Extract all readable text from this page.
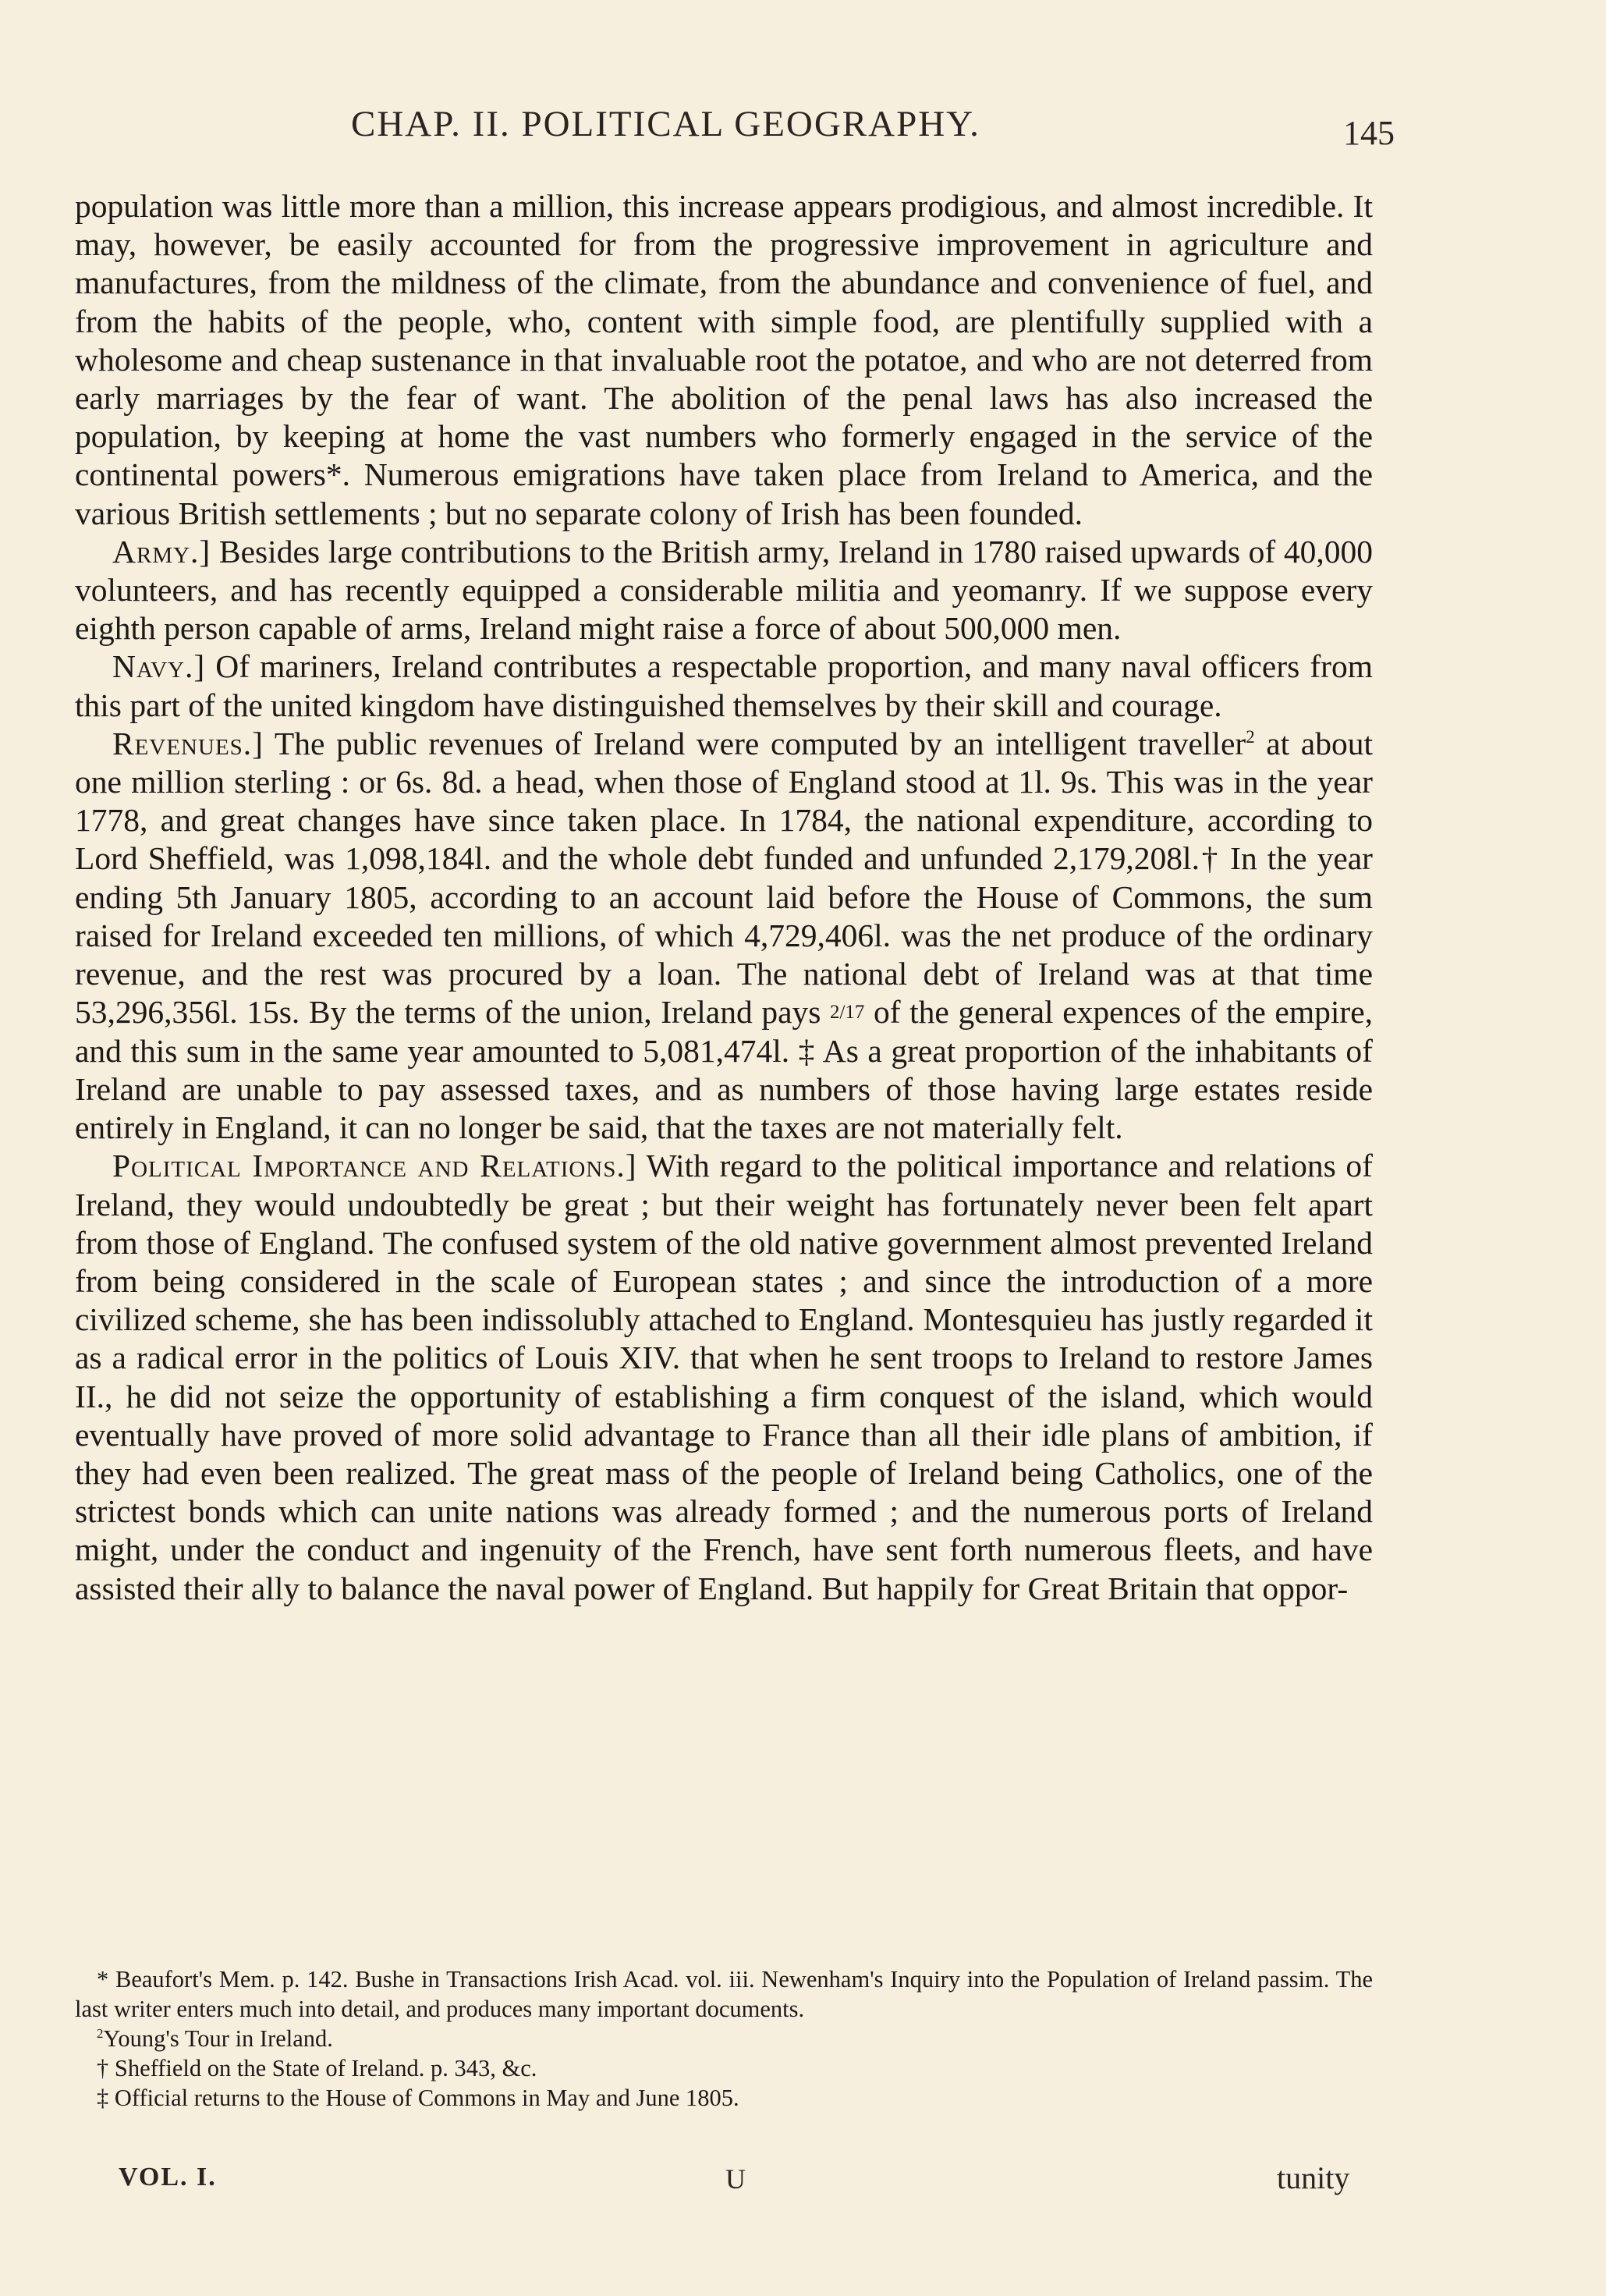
CHAP. II. POLITICAL GEOGRAPHY.	145

population was little more than a million, this increase appears prodigious, and almost incredible. It may, however, be easily accounted for from the progressive improvement in agriculture and manufactures, from the mildness of the climate, from the abundance and convenience of fuel, and from the habits of the people, who, content with simple food, are plentifully supplied with a wholesome and cheap sustenance in that invaluable root the potatoe, and who are not deterred from early marriages by the fear of want. The abolition of the penal laws has also increased the population, by keeping at home the vast numbers who formerly engaged in the service of the continental powers*. Numerous emigrations have taken place from Ireland to America, and the various British settlements ; but no separate colony of Irish has been founded.

Army.] Besides large contributions to the British army, Ireland in 1780 raised upwards of 40,000 volunteers, and has recently equipped a considerable militia and yeomanry. If we suppose every eighth person capable of arms, Ireland might raise a force of about 500,000 men.

Navy.] Of mariners, Ireland contributes a respectable proportion, and many naval officers from this part of the united kingdom have distinguished themselves by their skill and courage.

Revenues.] The public revenues of Ireland were computed by an intelligent traveller$^2$ at about one million sterling : or 6s. 8d. a head, when those of England stood at 1l. 9s. This was in the year 1778, and great changes have since taken place. In 1784, the national expenditure, according to Lord Sheffield, was 1,098,184l. and the whole debt funded and unfunded 2,179,208l.† In the year ending 5th January 1805, according to an account laid before the House of Commons, the sum raised for Ireland exceeded ten millions, of which 4,729,406l. was the net produce of the ordinary revenue, and the rest was procured by a loan. The national debt of Ireland was at that time 53,296,356l. 15s. By the terms of the union, Ireland pays 2/17 of the general expences of the empire, and this sum in the same year amounted to 5,081,474l. ‡ As a great proportion of the inhabitants of Ireland are unable to pay assessed taxes, and as numbers of those having large estates reside entirely in England, it can no longer be said, that the taxes are not materially felt.

Political Importance and Relations.] With regard to the political importance and relations of Ireland, they would undoubtedly be great ; but their weight has fortunately never been felt apart from those of England. The confused system of the old native government almost prevented Ireland from being considered in the scale of European states ; and since the introduction of a more civilized scheme, she has been indissolubly attached to England. Montesquieu has justly regarded it as a radical error in the politics of Louis XIV. that when he sent troops to Ireland to restore James II., he did not seize the opportunity of establishing a firm conquest of the island, which would eventually have proved of more solid advantage to France than all their idle plans of ambition, if they had even been realized. The great mass of the people of Ireland being Catholics, one of the strictest bonds which can unite nations was already formed ; and the numerous ports of Ireland might, under the conduct and ingenuity of the French, have sent forth numerous fleets, and have assisted their ally to balance the naval power of England. But happily for Great Britain that oppor-

* Beaufort's Mem. p. 142. Bushe in Transactions Irish Acad. vol. iii. Newenham's Inquiry into the Population of Ireland passim. The last writer enters much into detail, and produces many important documents.

$^2$Young's Tour in Ireland.

† Sheffield on the State of Ireland. p. 343, &c.

‡ Official returns to the House of Commons in May and June 1805.

VOL. I.	U	tunity
